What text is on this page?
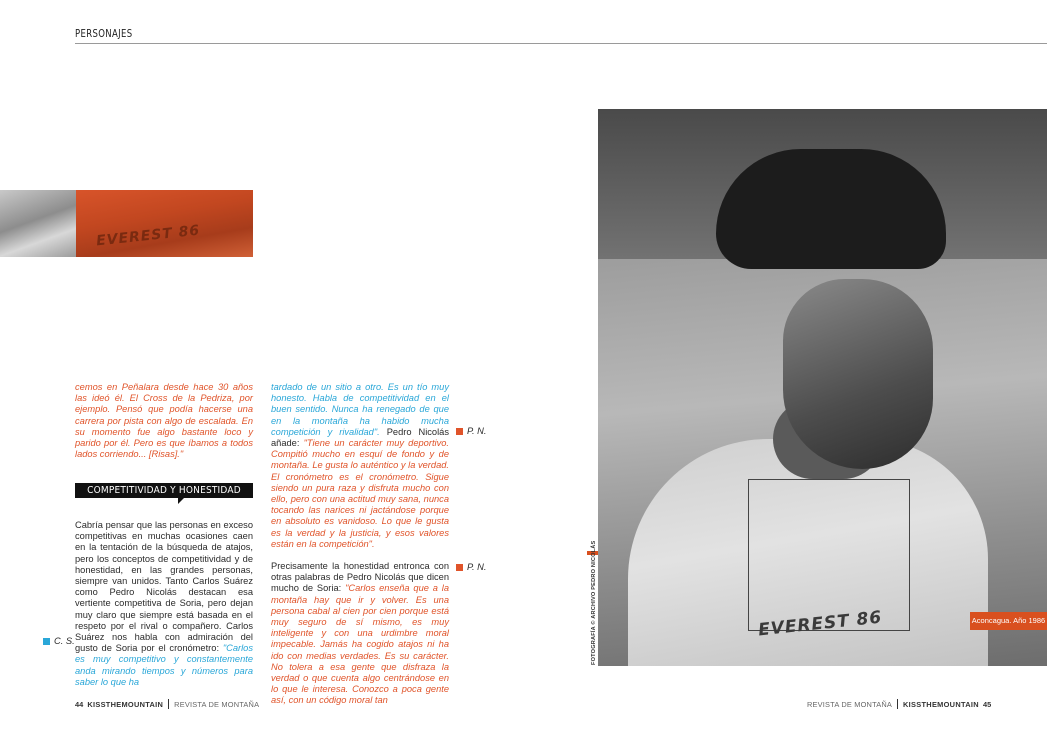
PERSONAJES
EVEREST 86
cemos en Peñalara desde hace 30 años las ideó él. El Cross de la Pedriza, por ejemplo. Pensó que podía hacerse una carrera por pista con algo de escalada. En su momento fue algo bastante loco y parido por él. Pero es que íbamos a todos lados corriendo... [Risas]."
COMPETITIVIDAD Y HONESTIDAD
Cabría pensar que las personas en exceso competitivas en muchas ocasiones caen en la tentación de la búsqueda de atajos, pero los conceptos de competitividad y de honestidad, en las grandes personas, siempre van unidos. Tanto Carlos Suárez como Pedro Nicolás destacan esa vertiente competitiva de Soria, pero dejan muy claro que siempre está basada en el respeto por el rival o compañero. Carlos Suárez nos habla con admiración del gusto de Soria por el cronómetro: "Carlos es muy competitivo y constantemente anda mirando tiempos y números para saber lo que ha
C. S.
tardado de un sitio a otro. Es un tío muy honesto. Habla de competitividad en el buen sentido. Nunca ha renegado de que en la montaña ha habido mucha competición y rivalidad". Pedro Nicolás añade: "Tiene un carácter muy deportivo. Compitió mucho en esquí de fondo y de montaña. Le gusta lo auténtico y la verdad. El cronómetro es el cronómetro. Sigue siendo un pura raza y disfruta mucho con ello, pero con una actitud muy sana, nunca tocando las narices ni jactándose porque en absoluto es vanidoso. Lo que le gusta es la verdad y la justicia, y esos valores están en la competición".
Precisamente la honestidad entronca con otras palabras de Pedro Nicolás que dicen mucho de Soria: "Carlos enseña que a la montaña hay que ir y volver. Es una persona cabal al cien por cien porque está muy seguro de sí mismo, es muy inteligente y con una urdimbre moral impecable. Jamás ha cogido atajos ni ha ido con medias verdades. Es su carácter. No tolera a esa gente que disfraza la verdad o que cuenta algo centrándose en lo que le interesa. Conozco a poca gente así, con un código moral tan
P. N.
P. N.	FOTOGRAFÍA © ARCHIVO PEDRO NICOLÁS	EVEREST 86	Aconcagua. Año 1986
44 KISSTHEMOUNTAIN REVISTA DE MONTAÑA	REVISTA DE MONTAÑA KISSTHEMOUNTAIN 45
